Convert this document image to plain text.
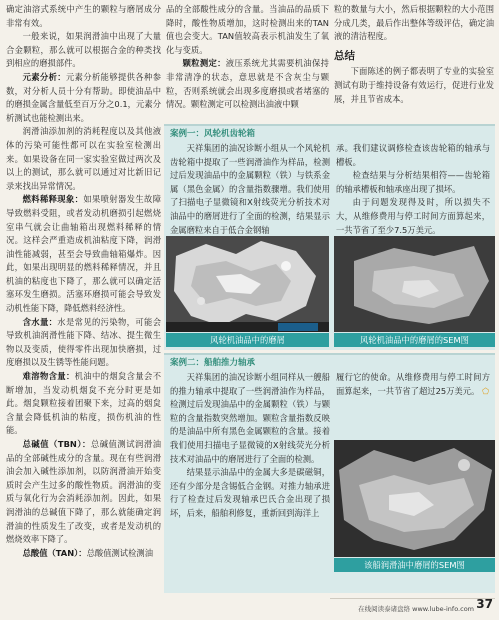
确定油溶式系统中产生的颗粒与磨屑成分非常有效。

一般来说，如果润滑油中出现了大量合金颗粒，那么就可以根据合金的种类找到相应的磨损部件。

元素分析：元素分析能够提供各种参数，对分析人员十分有帮助。即使油品中的磨损金属含量低至百万分之0.1，元素分析测试也能检测出来。

润滑油添加剂的消耗程度以及其他液体的污染可能性都可以在实验室检测出来。如果设备在同一家实验室做过两次及以上的测试，那么就可以通过对比新旧记录来找出异常情况。

燃料稀释现象：如果喷射器发生故障导致燃料受阻，或者发动机磨损引起燃烧室串气就会让曲轴箱出现燃料稀释的情况。这样会严重造成机油粘度下降，润滑油性能减弱，甚至会导致曲轴箱爆炸。因此，如果出现明显的燃料稀释情况，并且机油的粘度也下降了，那么就可以确定活塞环发生磨损。活塞环磨损可能会导致发动机性能下降，降低燃料经济性。

含水量：水是常见的污染物，可能会导致机油润滑性能下降、结冰、提生微生物以及变质，使得零件出现加快磨损，过度磨损以及生锈等性能问题。

难溶物含量：机油中的烟炱含量会不断增加，当发动机烟炱不充分时更是如此。烟炱颗粒接着团聚下来，过高的烟炱含量会降低机油的粘度，损伤机油的性能。

总碱值（TBN）：总碱值测试润滑油品的全部碱性成分的含量。现在有些润滑油会加入碱性添加剂，以防润滑油开始变质时会产生过多的酸性物质。润滑油的变质与氧化行为会消耗添加剂。因此，如果润滑油的总碱值下降了，那么就能确定润滑油的性质发生了改变，或者是发动机的燃烧效率下降了。

总酸值（TAN）：总酸值测试检测油

品的全部酸性成分的含量。当油品的品质下降时，酸性物质增加，这时检测出来的TAN值也会变大。TAN值较高表示机油发生了氧化与变质。

颗粒测定：液压系统尤其需要机油保持非常清净的状态，意思就是不含灰尘与颗粒，否则系统就会出现多度磨损或者堵塞的情况。颗粒测定可以检测出油液中颗

粒的数量与大小，然后根据颗粒的大小范围分成几类，最后作出整体等级评估，确定油液的清洁程度。

总结

下面陈述的例子都表明了专业的实验室测试有助于维持设备有效运行，促进行业发展，并且节省成本。

案例一：风轮机齿轮箱

天祥集团的油况诊断小组从一个风轮机齿轮箱中提取了一些润滑油作为样品，检测过后发现油品中的金属颗粒（铁）与铁系金属（黑色金属）的含量指数骤增。我们使用了扫描电子显微镜和X射线荧光分析技术对油品中的磨屑进行了全面的检测，结果显示金属磨粒来自于低合金钢轴

承。我们建议调修检查该齿轮箱的轴承与槽板。

检查结果与分析结果相符——齿轮箱的轴承槽板和轴承座出现了损坏。

由于问题发现得及时，所以损失不大，从维修费用与停工时间方面算起来，一共节省了至少7.5万美元。

风轮机油品中的磨屑	风轮机油品中的磨屑的SEM图
案例二：船舶推力轴承

天祥集团的油况诊断小组同样从一艘船的推力轴承中提取了一些润滑油作为样品，检测过后发现油品中的金属颗粒（铁）与颗粒的含量指数突然增加。颗粒含量指数反映的是油品中所有黑色金属颗粒的含量。接着我们使用扫描电子显微镜的X射线荧光分析技术对油品中的磨屑进行了全面的检测。

结果显示油品中的金属大多是碳磁铜，还有少部分是含锡低合金钢。对推力轴承进行了检查过后发现轴承巴氏合金出现了损坏，后来，船舶利修复，重新回到海洋上

履行它的使命。从维修费用与停工时间方面算起来，一共节省了超过25万美元。 ⬠

该船润滑油中磨屑的SEM图
在线阅读泰诸盘络 www.lube-info.com 37
